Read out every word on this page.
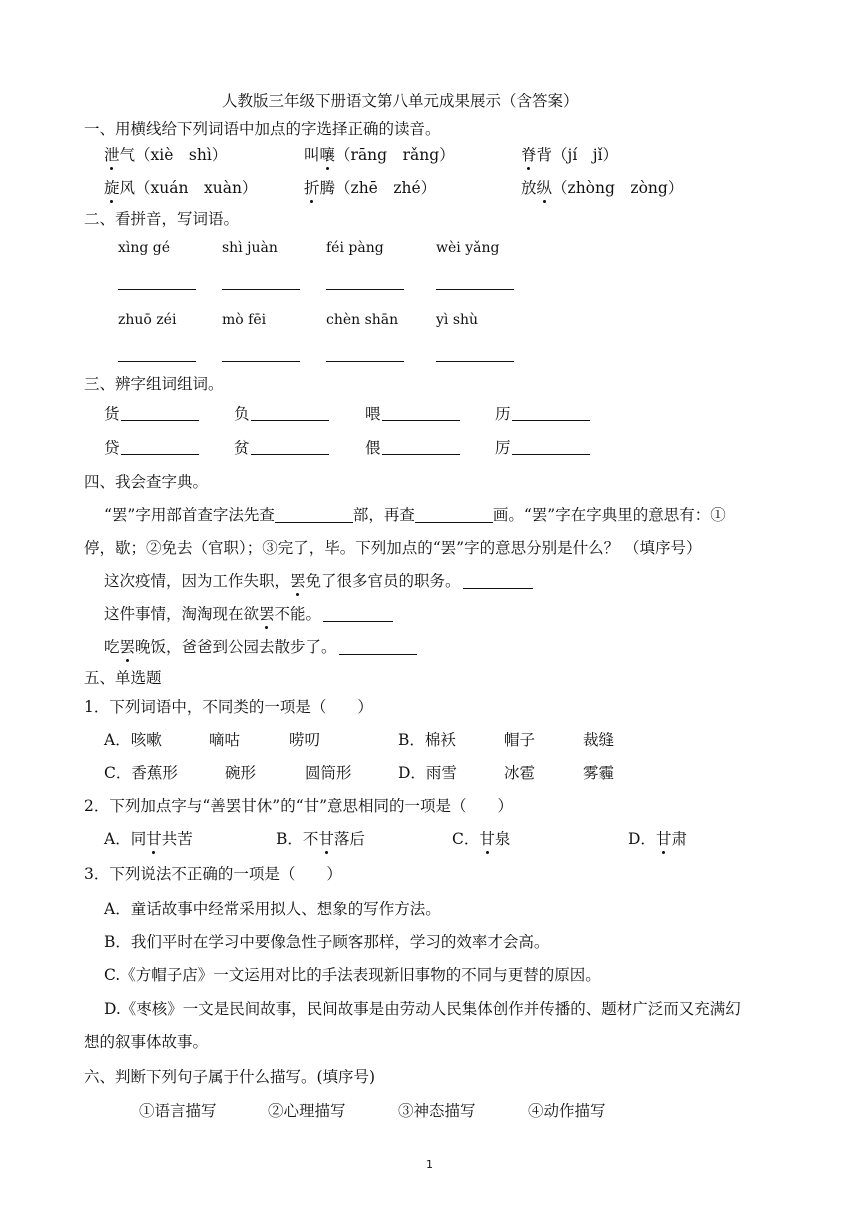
人教版三年级下册语文第八单元成果展示（含答案）
一、用横线给下列词语中加点的字选择正确的读音。
泄气（xiè　shì）	叫嚷（rāng　rǎng）	脊背（jí　jǐ）
旋风（xuán　xuàn）	折腾（zhē　zhé）	放纵（zhòng　zòng）
二、看拼音，写词语。
xìng gé	shì juàn	féi pàng	wèi yǎng
zhuō zéi	mò fēi	chèn shān	yì shù
三、辨字组词组词。
货	负	喂	历
贷	贫	偎	厉
四、我会查字典。
“罢”字用部首查字法先查	部，再查	画。“罢”字在字典里的意思有：①
停，歇；②免去（官职）；③完了，毕。下列加点的“罢”字的意思分别是什么？ （填序号）
这次疫情，因为工作失职，罢免了很多官员的职务。
这件事情，淘淘现在欲罢不能。
吃罢晚饭，爸爸到公园去散步了。
五、单选题
1．下列词语中，不同类的一项是（　　）
A．咳嗽	嘀咕	唠叨	B．棉袄	帽子	裁缝
C．香蕉形	碗形	圆筒形	D．雨雪	冰雹	雾霾
2．下列加点字与“善罢甘休”的“甘”意思相同的一项是（　　）
A．同甘共苦	B．不甘落后	C．甘泉	D．甘肃
3．下列说法不正确的一项是（　　）
A．童话故事中经常采用拟人、想象的写作方法。
B．我们平时在学习中要像急性子顾客那样，学习的效率才会高。
C.《方帽子店》一文运用对比的手法表现新旧事物的不同与更替的原因。
D.《枣核》一文是民间故事，民间故事是由劳动人民集体创作并传播的、题材广泛而又充满幻
想的叙事体故事。
六、判断下列句子属于什么描写。(填序号)
①语言描写	②心理描写	③神态描写	④动作描写
1
